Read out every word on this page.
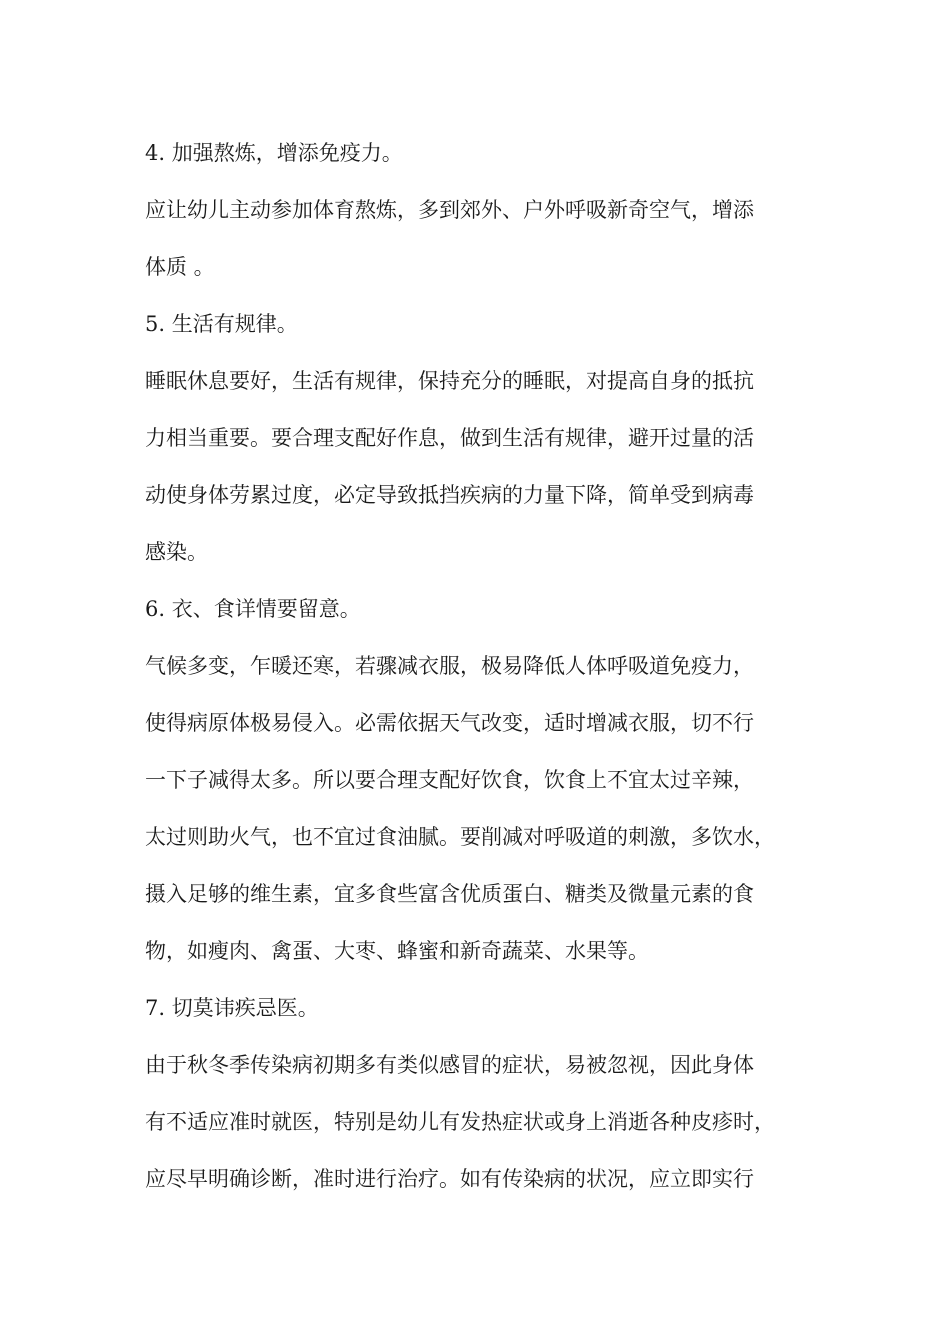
4. 加强熬炼，增添免疫力。

应让幼儿主动参加体育熬炼，多到郊外、户外呼吸新奇空气，增添

体质 。

5. 生活有规律。

睡眠休息要好，生活有规律，保持充分的睡眠，对提高自身的抵抗

力相当重要。要合理支配好作息，做到生活有规律，避开过量的活

动使身体劳累过度，必定导致抵挡疾病的力量下降，简单受到病毒

感染。

6. 衣、食详情要留意。

气候多变，乍暖还寒，若骤减衣服，极易降低人体呼吸道免疫力，

使得病原体极易侵入。必需依据天气改变，适时增减衣服，切不行

一下子减得太多。所以要合理支配好饮食，饮食上不宜太过辛辣，

太过则助火气，也不宜过食油腻。要削减对呼吸道的刺激，多饮水，

摄入足够的维生素，宜多食些富含优质蛋白、糖类及微量元素的食

物，如瘦肉、禽蛋、大枣、蜂蜜和新奇蔬菜、水果等。

7. 切莫讳疾忌医。

由于秋冬季传染病初期多有类似感冒的症状，易被忽视，因此身体

有不适应准时就医，特别是幼儿有发热症状或身上消逝各种皮疹时，

应尽早明确诊断，准时进行治疗。如有传染病的状况，应立即实行
